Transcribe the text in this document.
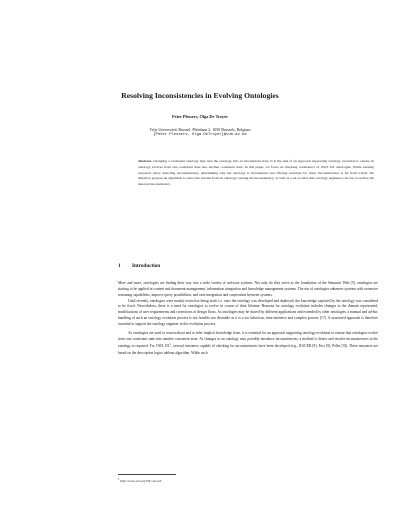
Resolving Inconsistencies in Evolving Ontologies
Peter Plessers, Olga De Troyer
Vrije Universiteit Brussel, Pleinlaan 2, 1050 Brussels, Belgium
{Peter.Plessers, Olga.DeTroyer}@vub.ac.be
Abstract. Changing a consistent ontology may turn the ontology into an inconsistent state. It is the task of an approach supporting ontology evolution to ensure an ontology evolves from one consistent state into another consistent state. In this paper, we focus on checking consistency of OWL DL ontologies. While existing reasoners allow detecting inconsistencies, determining why the ontology is inconsistent and offering solutions for these inconsistencies is far from trivial. We therefore propose an algorithm to select the axioms from an ontology causing the inconsistency, as well as a set of rules that ontology engineers can use to resolve the detected inconsistency.
1 Introduction

More and more, ontologies are finding their way into a wide variety of software systems. Not only do they serve as the foundation of the Semantic Web [5], ontologies are starting to be applied in content and document management, information integration and knowledge management systems. The use of ontologies enhances systems with extensive reasoning capabilities, improve query possibilities, and ease integration and cooperation between systems.

Until recently, ontologies were mainly treated as being static i.e. once the ontology was developed and deployed, the knowledge captured by the ontology was considered to be fixed. Nevertheless, there is a need for ontologies to evolve in course of their lifetime. Reasons for ontology evolution includes changes to the domain represented, modifications of user requirements and corrections of design flaws. As ontologies may be shared by different applications and extended by other ontologies, a manual and ad-hoc handling of such an ontology evolution process is not feasible nor desirable as it is a too laborious, time intensive and complex process [17]. A structured approach is therefore essential to support the ontology engineer in this evolution process.

As ontologies are used to reason about and to infer implicit knowledge from, it is essential for an approach supporting ontology evolution to ensure that ontologies evolve from one consistent state into another consistent state. As changes to an ontology may possibly introduce inconsistencies, a method to detect and resolve inconsistencies in the ontology is required. For OWL $DL^1$, several reasoners capable of checking for inconsistencies have been developed (e.g., RACER [8], Fact [9], Pellet [9]). These reasoners are based on the description logics tableau algorithm. While such

$^1$ http://www.w3.org/TR/owl-ref/
